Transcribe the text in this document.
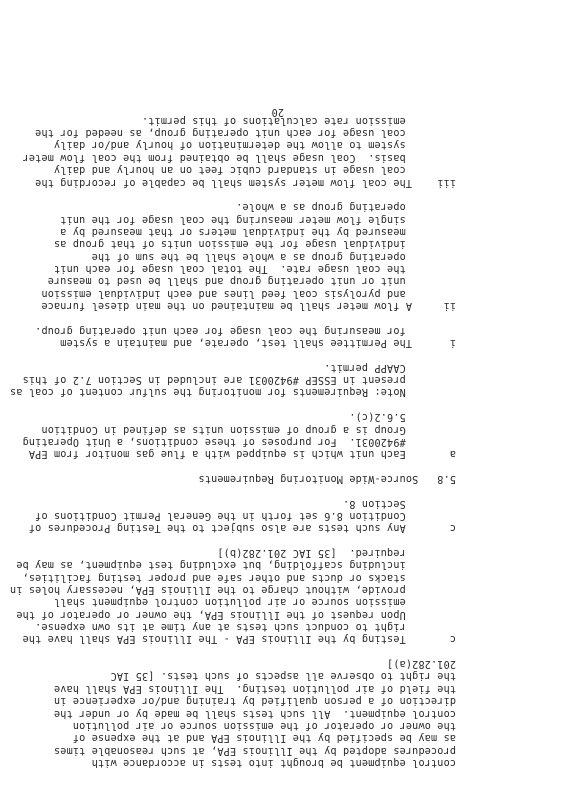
control equipment be brought into tests in accordance with
procedures adopted by the Illinois EPA, at such reasonable times
as may be specified by the Illinois EPA and at the expense of
the owner or operator of the emission source or air pollution
control equipment.  All such tests shall be made by or under the
direction of a person qualified by training and/or experience in
the field of air pollution testing.  The Illinois EPA shall have
the right to observe all aspects of such tests. [35 IAC
201.282(a)]
c       Testing by the Illinois EPA - The Illinois EPA shall have the
right to conduct such tests at any time at its own expense.
Upon request of the Illinois EPA, the owner or operator of the
emission source or air pollution control equipment shall
provide, without charge to the Illinois EPA, necessary holes in
stacks or ducts and other safe and proper testing facilities,
including scaffolding, but excluding test equipment, as may be
required.  [35 IAC 201.282(b)]
c       Any such tests are also subject to the Testing Procedures of
Condition 8.6 set forth in the General Permit Conditions of
Section 8.
5.8   Source-Wide Monitoring Requirements
a       Each unit which is equipped with a flue gas monitor from EPA
#9420031.  For purposes of these conditions, a Unit Operating
Group is a group of emission units as defined in Condition
5.6.2(c).
Note: Requirements for monitoring the sulfur content of coal as
present in ESSEP #9420031 are included in Section 7.2 of this
CAAPP permit.
i      The Permittee shall test, operate, and maintain a system
for measuring the coal usage for each unit operating group.
ii     A flow meter shall be maintained on the main diesel furnace
and pyrolysis coal feed lines and each individual emission
unit or unit operating group and shall be used to measure
the coal usage rate.  The total coal usage for each unit
operating group as a whole shall be the sum of the
individual usage for the emission units of that group as
measured by the individual meters or that measured by a
single flow meter measuring the coal usage for the unit
operating group as a whole.
iii    The coal flow meter system shall be capable of recording the
coal usage in standard cubic feet on an hourly and daily
basis.  Coal usage shall be obtained from the coal flow meter
system to allow the determination of hourly and/or daily
coal usage for each unit operating group, as needed for the
emission rate calculations of this permit.
20
